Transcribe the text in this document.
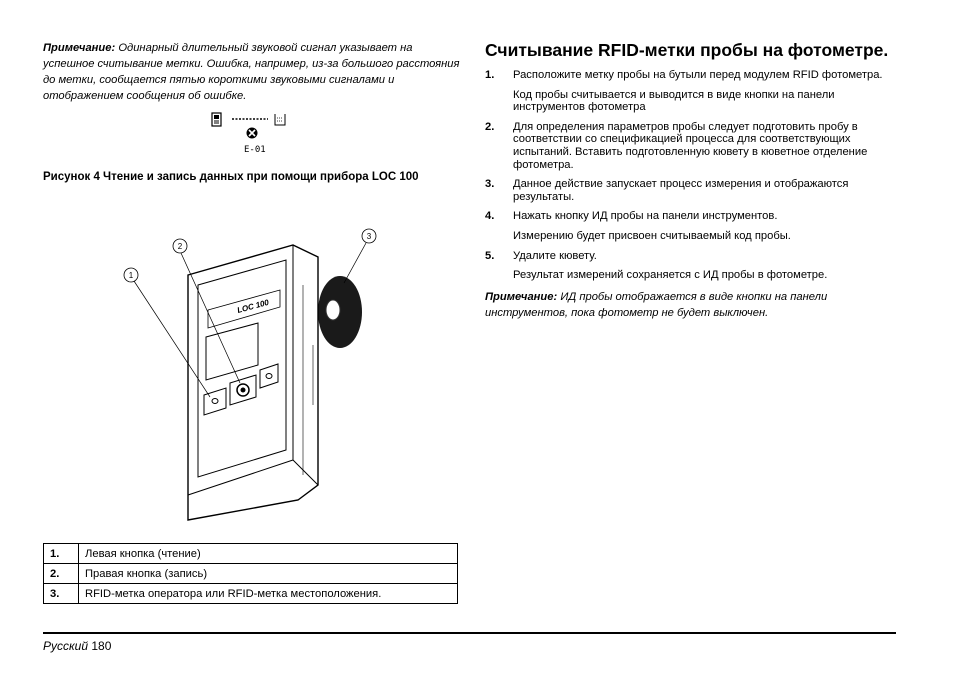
Примечание: Одинарный длительный звуковой сигнал указывает на успешное считывание метки. Ошибка, например, из-за большого расстояния до метки, сообщается пятью короткими звуковыми сигналами и отображением сообщения об ошибке.
E-01
Рисунок 4 Чтение и запись данных при помощи прибора LOC 100
LOC 100
1
2
3
1.	Левая кнопка (чтение)
2.	Правая кнопка (запись)
3.	RFID-метка оператора или RFID-метка местоположения.
Считывание RFID-метки пробы на фотометре.
1.	Расположите метку пробы на бутыли перед модулем RFID фотометра.
Код пробы считывается и выводится в виде кнопки на панели инструментов фотометра
2.	Для определения параметров пробы следует подготовить пробу в соответствии со спецификацией процесса для соответствующих испытаний. Вставить подготовленную кювету в кюветное отделение фотометра.
3.	Данное действие запускает процесс измерения и отображаются результаты.
4.	Нажать кнопку ИД пробы на панели инструментов.
Измерению будет присвоен считываемый код пробы.
5.	Удалите кювету.
Результат измерений сохраняется с ИД пробы в фотометре.
Примечание: ИД пробы отображается в виде кнопки на панели инструментов, пока фотометр не будет выключен.
Русский 180
